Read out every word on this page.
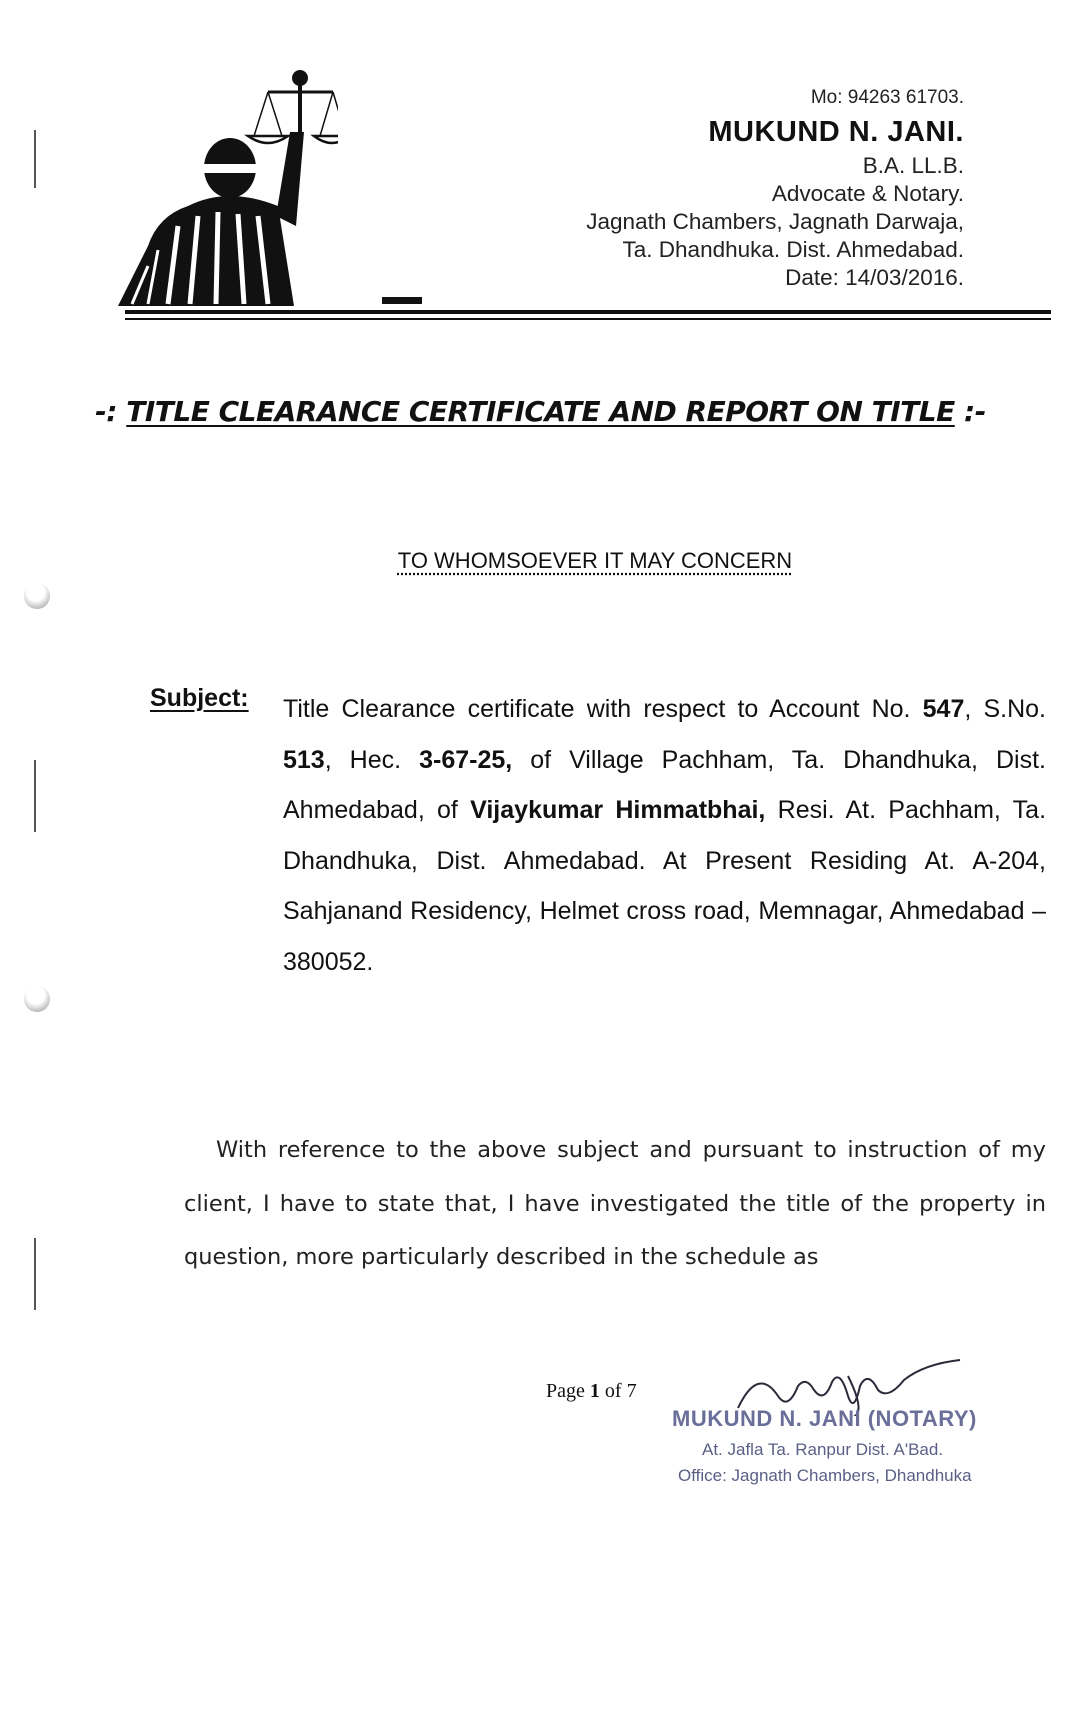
Mo: 94263 61703.
MUKUND N. JANI.
B.A. LL.B.
Advocate & Notary.
Jagnath Chambers, Jagnath Darwaja,
Ta. Dhandhuka. Dist. Ahmedabad.
Date: 14/03/2016.
-: TITLE CLEARANCE CERTIFICATE AND REPORT ON TITLE :-
TO WHOMSOEVER IT MAY CONCERN
Subject: Title Clearance certificate with respect to Account No. 547, S.No. 513, Hec. 3-67-25, of Village Pachham, Ta. Dhandhuka, Dist. Ahmedabad, of Vijaykumar Himmatbhai, Resi. At. Pachham, Ta. Dhandhuka, Dist. Ahmedabad. At Present Residing At. A-204, Sahjanand Residency, Helmet cross road, Memnagar, Ahmedabad – 380052.
With reference to the above subject and pursuant to instruction of my client, I have to state that, I have investigated the title of the property in question, more particularly described in the schedule as
Page 1 of 7
MUKUND N. JANI (NOTARY)
At. Jafla Ta. Ranpur Dist. A'Bad.
Office: Jagnath Chambers, Dhandhuka
